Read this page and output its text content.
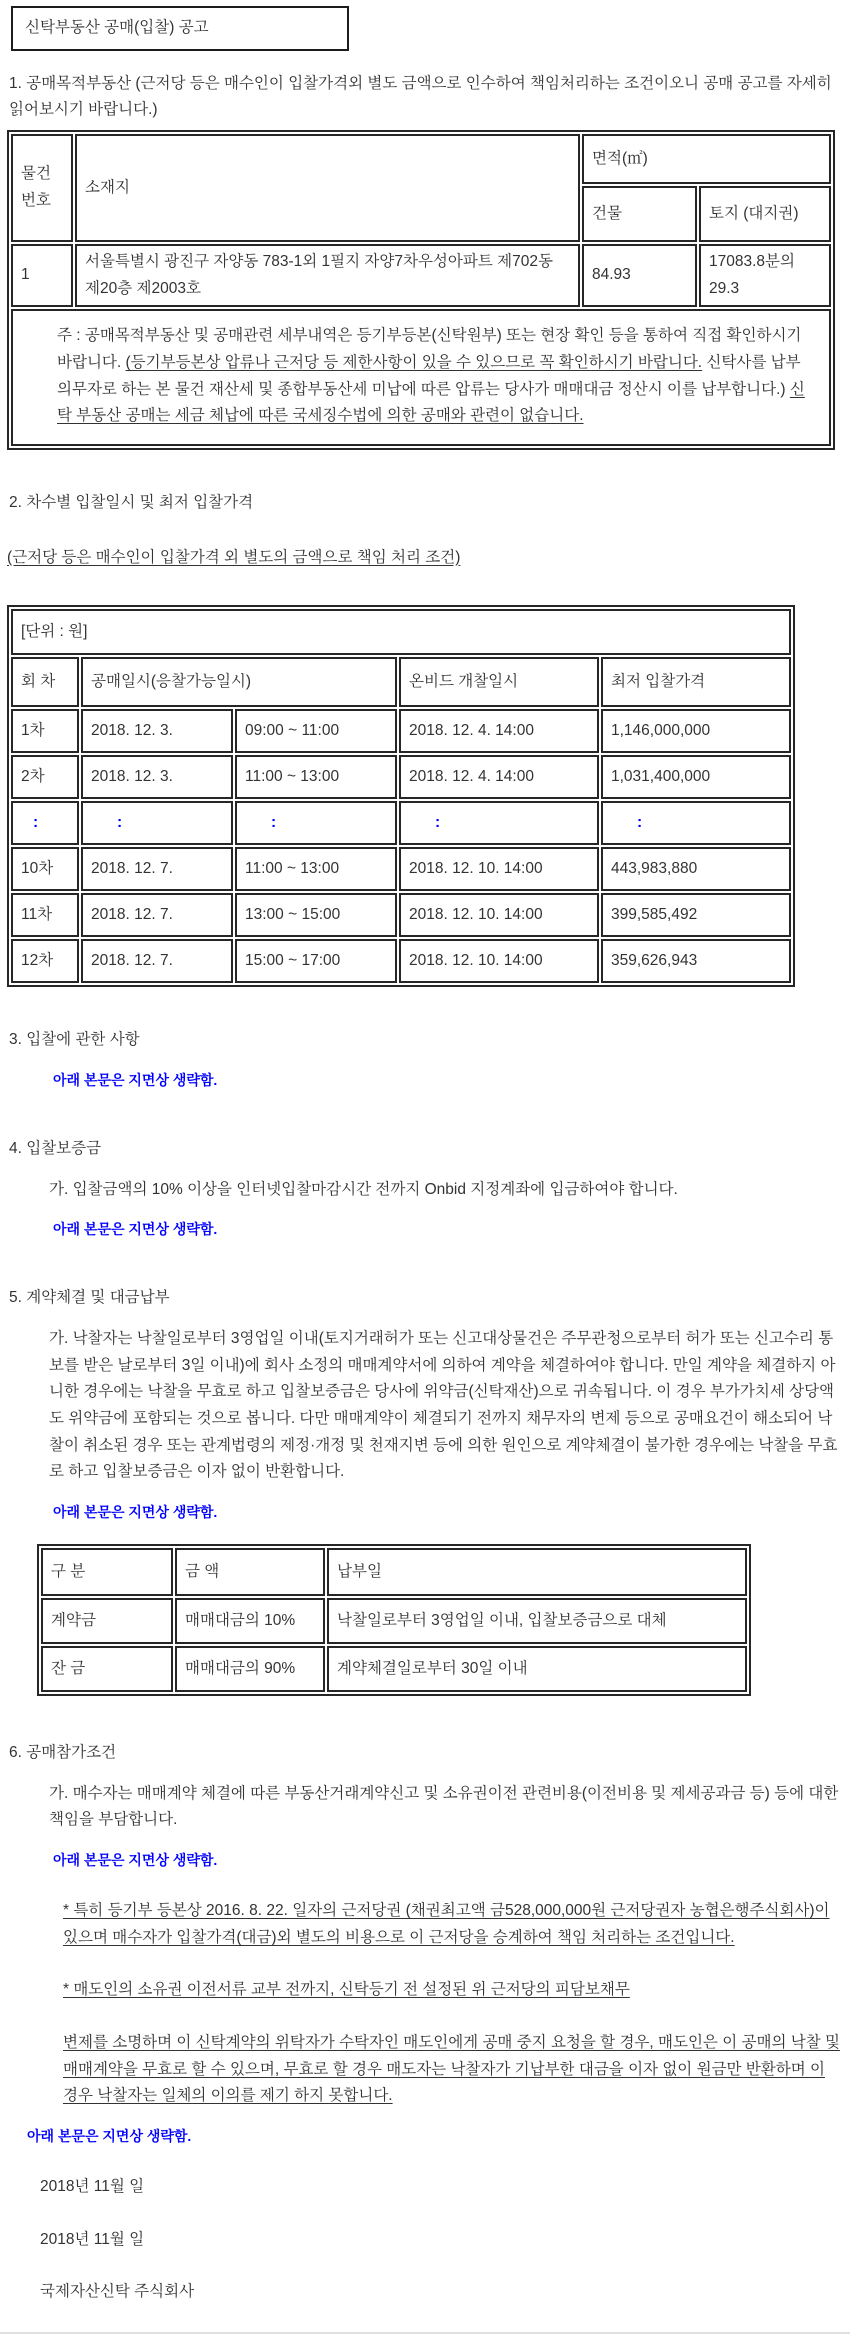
신탁부동산 공매(입찰) 공고

1. 공매목적부동산 (근저당 등은 매수인이 입찰가격외 별도 금액으로 인수하여 책임처리하는 조건이오니 공매 공고를 자세히 읽어보시기 바랍니다.)

물건 번호	소재지	면적(㎡)	
		건물	토지 (대지권)
1	서울특별시 광진구 자양동 783-1외 1필지 자양7차우성아파트 제702동 제20층 제2003호	84.93	17083.8분의 29.3
주 : 공매목적부동산 및 공매관련 세부내역은 등기부등본(신탁원부) 또는 현장 확인 등을 통하여 직접 확인하시기 바랍니다. (등기부등본상 압류나 근저당 등 제한사항이 있을 수 있으므로 꼭 확인하시기 바랍니다. 신탁사를 납부의무자로 하는 본 물건 재산세 및 종합부동산세 미납에 따른 압류는 당사가 매매대금 정산시 이를 납부합니다.) 신탁 부동산 공매는 세금 체납에 따른 국세징수법에 의한 공매와 관련이 없습니다.			

2. 차수별 입찰일시 및 최저 입찰가격

(근저당 등은 매수인이 입찰가격 외 별도의 금액으로 책임 처리 조건)

[단위 : 원]				
회 차	공매일시(응찰가능일시)		온비드 개찰일시	최저 입찰가격
1차	2018. 12. 3.	09:00 ~ 11:00	2018. 12. 4. 14:00	1,146,000,000
2차	2018. 12. 3.	11:00 ~ 13:00	2018. 12. 4. 14:00	1,031,400,000
:	:	:	:	:
10차	2018. 12. 7.	11:00 ~ 13:00	2018. 12. 10. 14:00	443,983,880
11차	2018. 12. 7.	13:00 ~ 15:00	2018. 12. 10. 14:00	399,585,492
12차	2018. 12. 7.	15:00 ~ 17:00	2018. 12. 10. 14:00	359,626,943

3. 입찰에 관한 사항

아래 본문은 지면상 생략함.

4. 입찰보증금

가. 입찰금액의 10% 이상을 인터넷입찰마감시간 전까지 Onbid 지정계좌에 입금하여야 합니다.

아래 본문은 지면상 생략함.

5. 계약체결 및 대금납부

가. 낙찰자는 낙찰일로부터 3영업일 이내(토지거래허가 또는 신고대상물건은 주무관청으로부터 허가 또는 신고수리 통보를 받은 날로부터 3일 이내)에 회사 소정의 매매계약서에 의하여 계약을 체결하여야 합니다. 만일 계약을 체결하지 아니한 경우에는 낙찰을 무효로 하고 입찰보증금은 당사에 위약금(신탁재산)으로 귀속됩니다. 이 경우 부가가치세 상당액도 위약금에 포함되는 것으로 봅니다. 다만 매매계약이 체결되기 전까지 채무자의 변제 등으로 공매요건이 해소되어 낙찰이 취소된 경우 또는 관계법령의 제정·개정 및 천재지변 등에 의한 원인으로 계약체결이 불가한 경우에는 낙찰을 무효로 하고 입찰보증금은 이자 없이 반환합니다.

아래 본문은 지면상 생략함.

구 분	금 액	납부일
계약금	매매대금의 10%	낙찰일로부터 3영업일 이내, 입찰보증금으로 대체
잔 금	매매대금의 90%	계약체결일로부터 30일 이내

6. 공매참가조건

가. 매수자는 매매계약 체결에 따른 부동산거래계약신고 및 소유권이전 관련비용(이전비용 및 제세공과금 등) 등에 대한 책임을 부담합니다.

아래 본문은 지면상 생략함.

* 특히 등기부 등본상 2016. 8. 22. 일자의 근저당권 (채권최고액 금528,000,000원 근저당권자 농협은행주식회사)이 있으며 매수자가 입찰가격(대금)외 별도의 비용으로 이 근저당을 승계하여 책임 처리하는 조건입니다.

* 매도인의 소유권 이전서류 교부 전까지, 신탁등기 전 설정된 위 근저당의 피담보채무

변제를 소명하며 이 신탁계약의 위탁자가 수탁자인 매도인에게 공매 중지 요청을 할 경우, 매도인은 이 공매의 낙찰 및 매매계약을 무효로 할 수 있으며, 무효로 할 경우 매도자는 낙찰자가 기납부한 대금을 이자 없이 원금만 반환하며 이 경우 낙찰자는 일체의 이의를 제기 하지 못합니다.

아래 본문은 지면상 생략함.

2018년 11월 일

2018년 11월 일

국제자산신탁 주식회사
